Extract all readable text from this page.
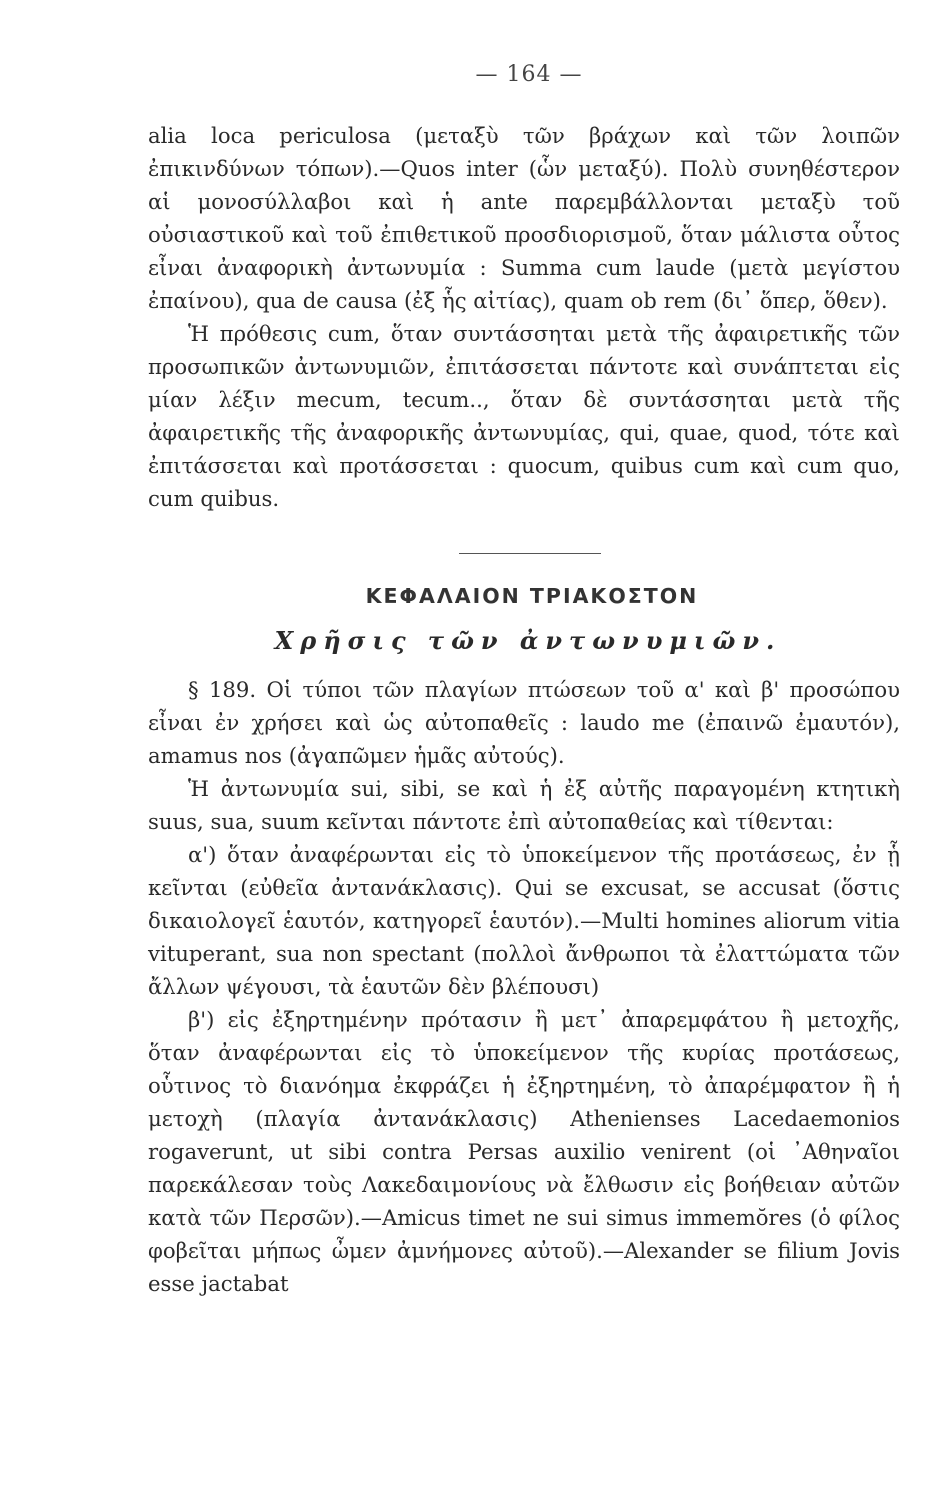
— 164 —

alia loca periculosa (μεταξὺ τῶν βράχων καὶ τῶν λοιπῶν ἐπικινδύνων τόπων).—Quos inter (ὧν μεταξύ). Πολὺ συνηθέστερον αἱ μονοσύλλαβοι καὶ ἡ ante παρεμβάλλονται μεταξὺ τοῦ οὐσιαστικοῦ καὶ τοῦ ἐπιθετικοῦ προσδιορισμοῦ, ὅταν μάλιστα οὗτος εἶναι ἀναφορικὴ ἀντωνυμία : Summa cum laude (μετὰ μεγίστου ἐπαίνου), qua de causa (ἐξ ἧς αἰτίας), quam ob rem (δι᾿ ὅπερ, ὅθεν).

Ἡ πρόθεσις cum, ὅταν συντάσσηται μετὰ τῆς ἀφαιρετικῆς τῶν προσωπικῶν ἀντωνυμιῶν, ἐπιτάσσεται πάντοτε καὶ συνάπτεται εἰς μίαν λέξιν mecum, tecum.., ὅταν δὲ συντάσσηται μετὰ τῆς ἀφαιρετικῆς τῆς ἀναφορικῆς ἀντωνυμίας, qui, quae, quod, τότε καὶ ἐπιτάσσεται καὶ προτάσσεται : quocum, quibus cum καὶ cum quo, cum quibus.

ΚΕΦΑΛΑΙΟΝ ΤΡΙΑΚΟΣΤΟΝ
Χρῆσις τῶν ἀντωνυμιῶν.

§ 189. Οἱ τύποι τῶν πλαγίων πτώσεων τοῦ α' καὶ β' προσώπου εἶναι ἐν χρήσει καὶ ὡς αὐτοπαθεῖς : laudo me (ἐπαινῶ ἐμαυτόν), amamus nos (ἀγαπῶμεν ἡμᾶς αὐτούς).

Ἡ ἀντωνυμία sui, sibi, se καὶ ἡ ἐξ αὐτῆς παραγομένη κτητικὴ suus, sua, suum κεῖνται πάντοτε ἐπὶ αὐτοπαθείας καὶ τίθενται:

α') ὅταν ἀναφέρωνται εἰς τὸ ὑποκείμενον τῆς προτάσεως, ἐν ᾗ κεῖνται (εὐθεῖα ἀντανάκλασις). Qui se excusat, se accusat (ὅστις δικαιολογεῖ ἑαυτόν, κατηγορεῖ ἑαυτόν).—Multi homines aliorum vitia vituperant, sua non spectant (πολλοὶ ἄνθρωποι τὰ ἐλαττώματα τῶν ἄλλων ψέγουσι, τὰ ἑαυτῶν δὲν βλέπουσι)

β') εἰς ἐξηρτημένην πρότασιν ἢ μετ᾿ ἀπαρεμφάτου ἢ μετοχῆς, ὅταν ἀναφέρωνται εἰς τὸ ὑποκείμενον τῆς κυρίας προτάσεως, οὗτινος τὸ διανόημα ἐκφράζει ἡ ἐξηρτημένη, τὸ ἀπαρέμφατον ἢ ἡ μετοχὴ (πλαγία ἀντανάκλασις) Athenienses Lacedaemonios rogaverunt, ut sibi contra Persas auxilio venirent (οἱ ᾿Αθηναῖοι παρεκάλεσαν τοὺς Λακεδαιμονίους νὰ ἔλθωσιν εἰς βοήθειαν αὐτῶν κατὰ τῶν Περσῶν).—Amicus timet ne sui simus immemŏres (ὁ φίλος φοβεῖται μήπως ὦμεν ἀμνήμονες αὐτοῦ).—Alexander se filium Jovis esse jactabat
